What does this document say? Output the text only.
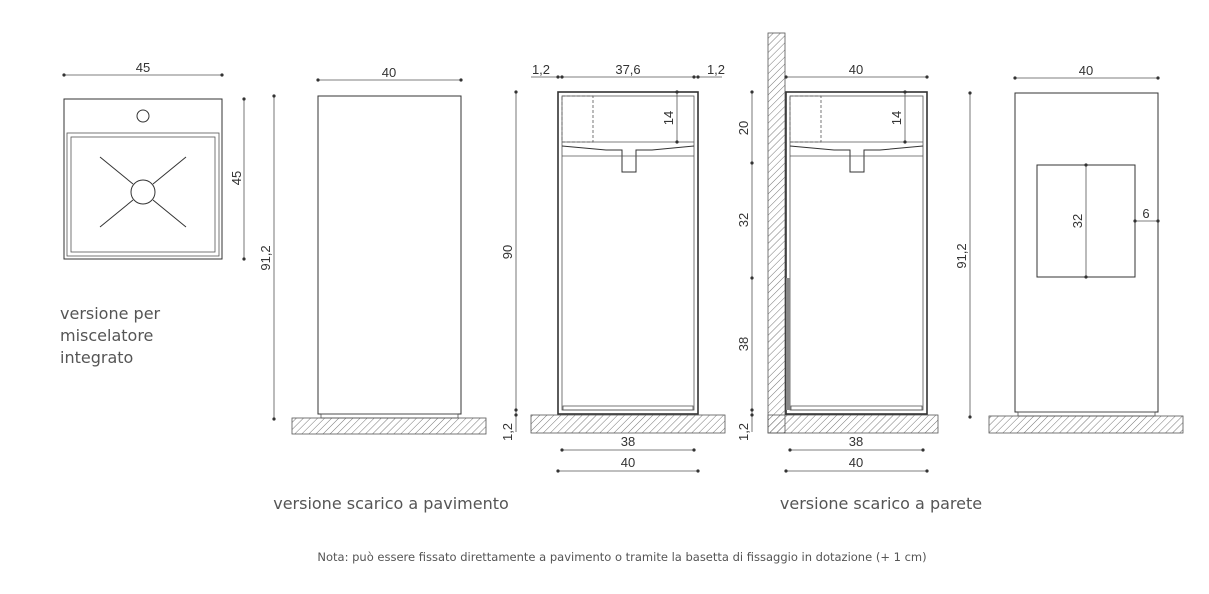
45
45
versione per
miscelatore
integrato
91,2
40	1,2	37,6	1,2
90
1,2
14
38
40
40
20
32
38
1,2
14
38
40
40
91,2
32	6
versione scarico a pavimento	versione scarico a parete
Nota: può essere fissato direttamente a pavimento o tramite la basetta di fissaggio in dotazione (+ 1 cm)
